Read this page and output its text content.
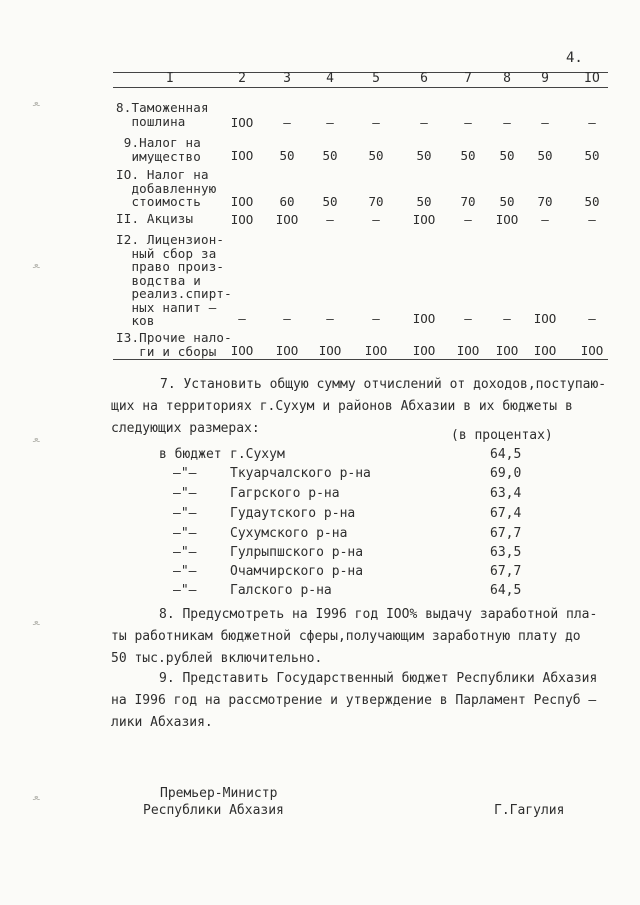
4.
ﻌ
ﻌ
ﻌ
ﻌ
ﻌ
I	2	3	4	5	6	7	8	9	IO
8.Таможенная
пошлина	IOO	–	–	–	–	–	–	–	–
9.Налог на
имущество	IOO	50	50	50	50	50	50	50	50
IO. Налог на
добавленную
стоимость	IOO	60	50	70	50	70	50	70	50
II. Акцизы	IOO	IOO	–	–	IOO	–	IOO	–	–
I2. Лицензион-
ный сбор за
право произ-
водства и
реализ.спирт-
ных напит –
ков	–	–	–	–	IOO	–	–	IOO	–
I3.Прочие нало-
ги и сборы	IOO	IOO	IOO	IOO	IOO	IOO	IOO	IOO	IOO
7. Установить общую сумму отчислений от доходов,поступаю-
щих на территориях г.Сухум и районов Абхазии в их бюджеты в
следующих размерах:	(в процентах)
в бюджет г.Сухум	64,5
–"–	Ткуарчалского р-на	69,0
–"–	Гагрского р-на	63,4
–"–	Гудаутского р-на	67,4
–"–	Сухумского р-на	67,7
–"–	Гулрыпшского р-на	63,5
–"–	Очамчирского р-на	67,7
–"–	Галского р-на	64,5
8. Предусмотреть на I996 год IOO% выдачу заработной пла-
ты работникам бюджетной сферы,получающим заработную плату до
50 тыс.рублей включительно.
9. Представить Государственный бюджет Республики Абхазия
на I996 год на рассмотрение и утверждение в Парламент Респуб –
лики Абхазия.
Премьер-Министр
Республики Абхазия	Г.Гагулия
